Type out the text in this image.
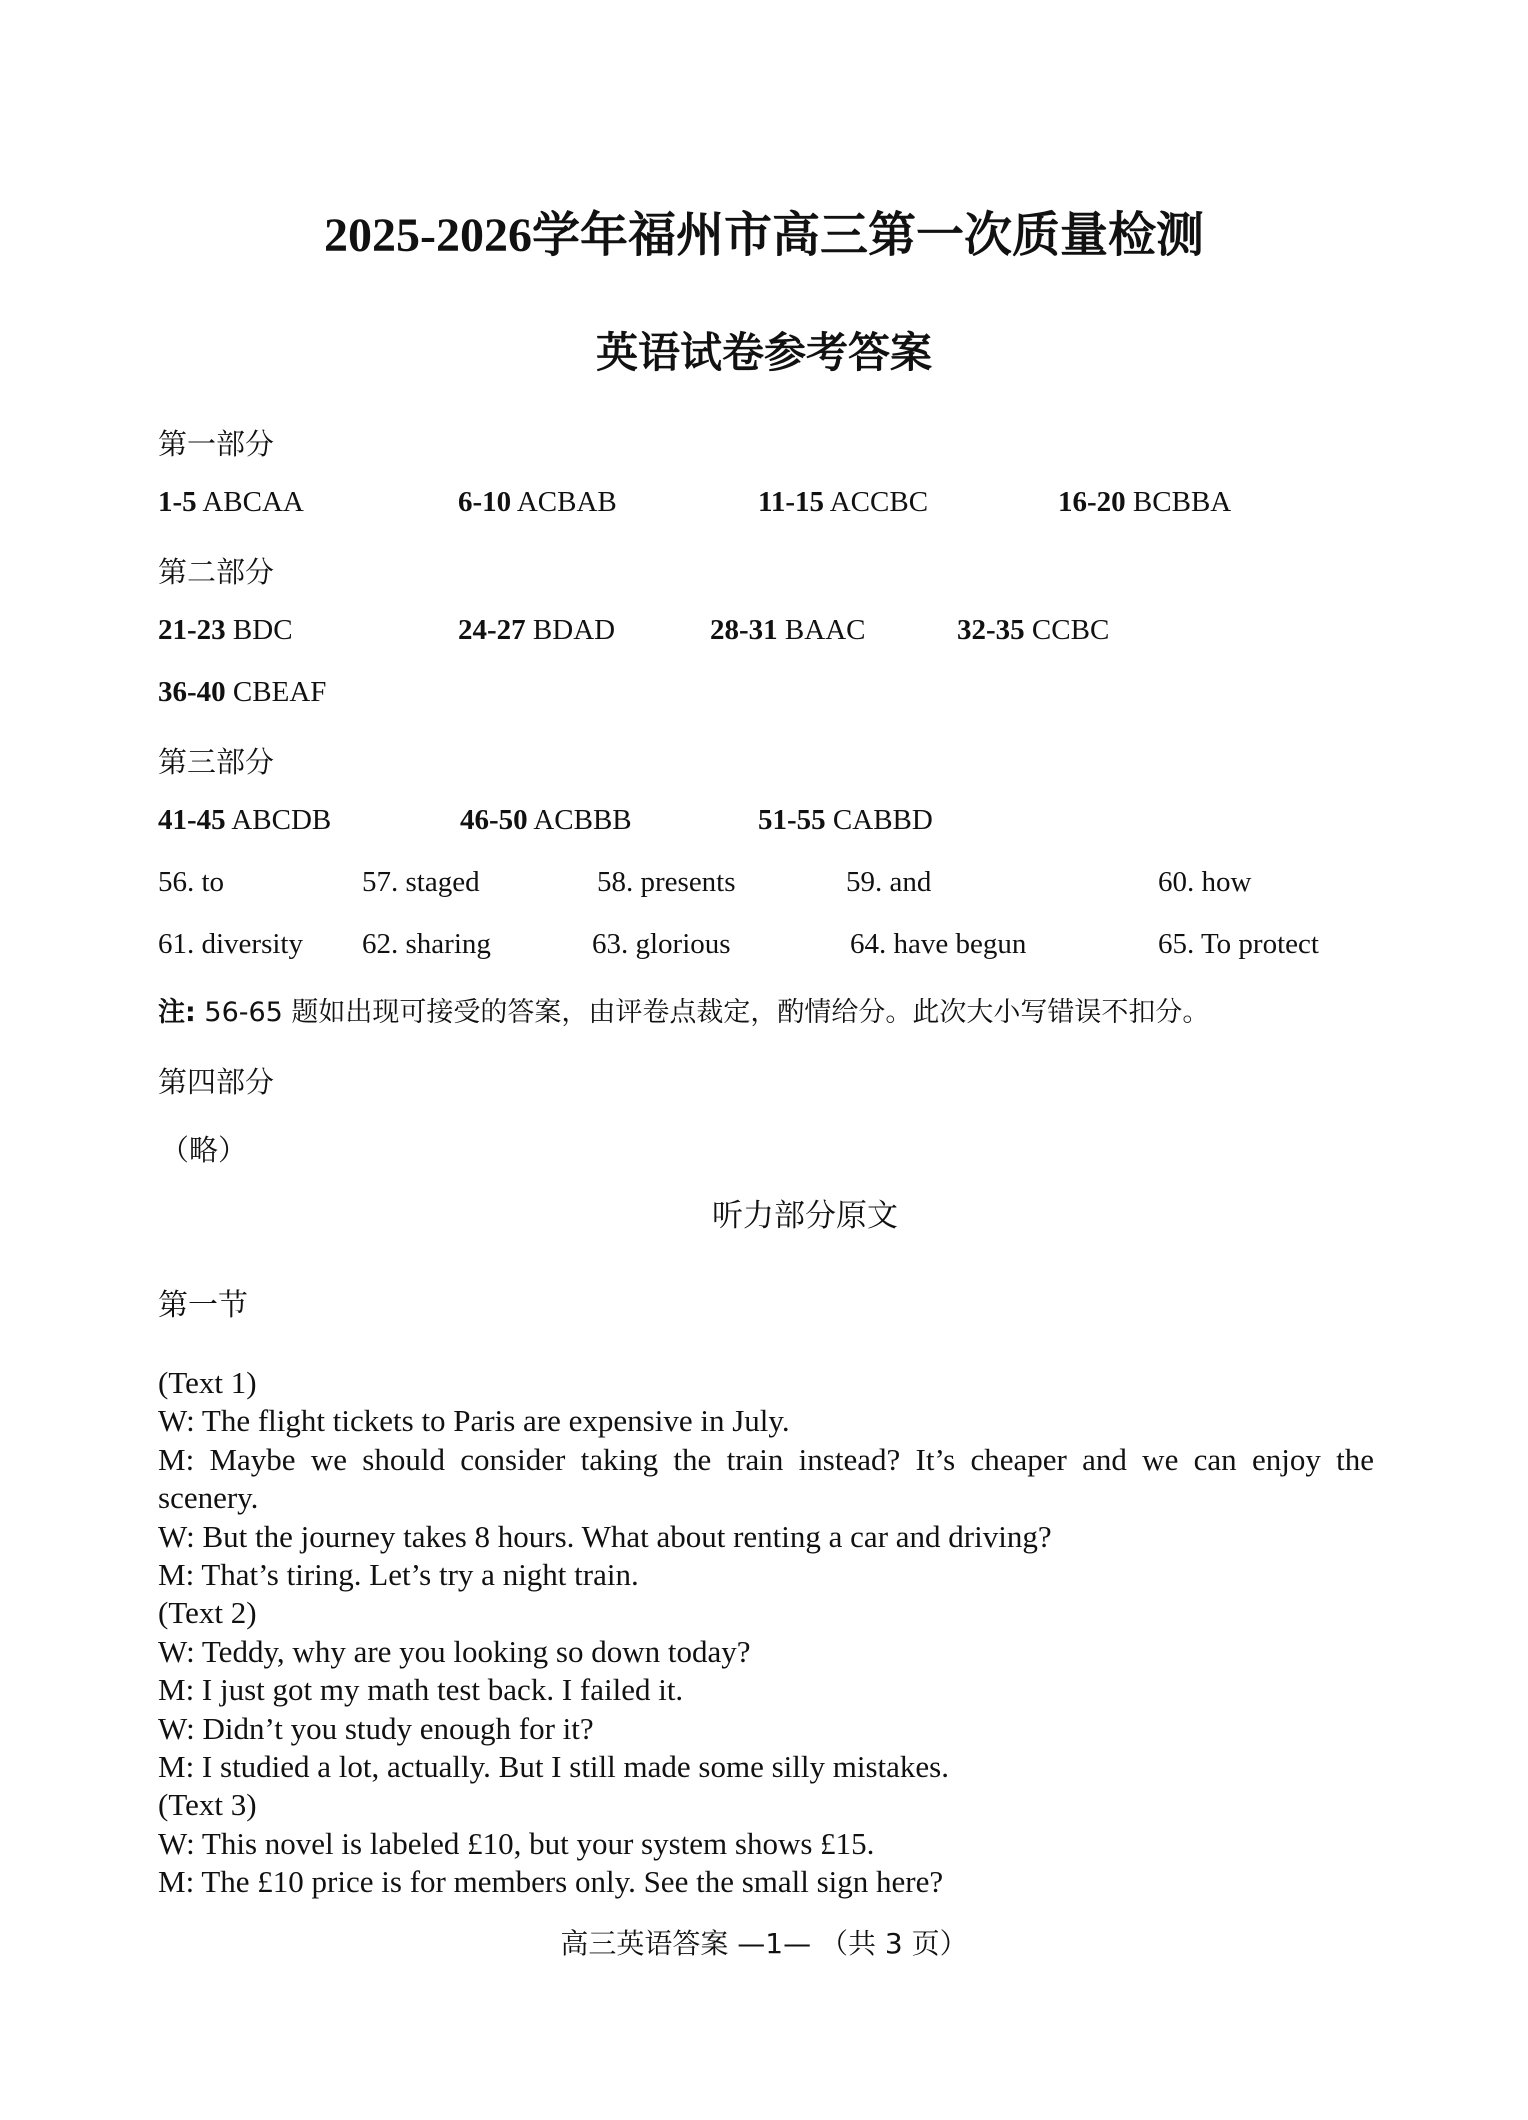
2025-2026学年福州市高三第一次质量检测
英语试卷参考答案
第一部分
1-5 ABCAA	6-10 ACBAB	11-15 ACCBC	16-20 BCBBA
第二部分
21-23 BDC	24-27 BDAD	28-31 BAAC	32-35 CCBC
36-40 CBEAF
第三部分
41-45 ABCDB	46-50 ACBBB	51-55 CABBD
56. to	57. staged	58. presents	59. and	60. how
61. diversity 62. sharing	63. glorious	64. have begun	65. To protect
注: 56-65 题如出现可接受的答案，由评卷点裁定，酌情给分。此次大小写错误不扣分。
第四部分
（略）
听力部分原文
第一节
(Text 1)
W: The flight tickets to Paris are expensive in July.
M: Maybe we should consider taking the train instead? It’s cheaper and we can enjoy the
scenery.
W: But the journey takes 8 hours. What about renting a car and driving?
M: That’s tiring. Let’s try a night train.
(Text 2)
W: Teddy, why are you looking so down today?
M: I just got my math test back. I failed it.
W: Didn’t you study enough for it?
M: I studied a lot, actually. But I still made some silly mistakes.
(Text 3)
W: This novel is labeled £10, but your system shows £15.
M: The £10 price is for members only. See the small sign here?
高三英语答案 —1— （共 3 页）
